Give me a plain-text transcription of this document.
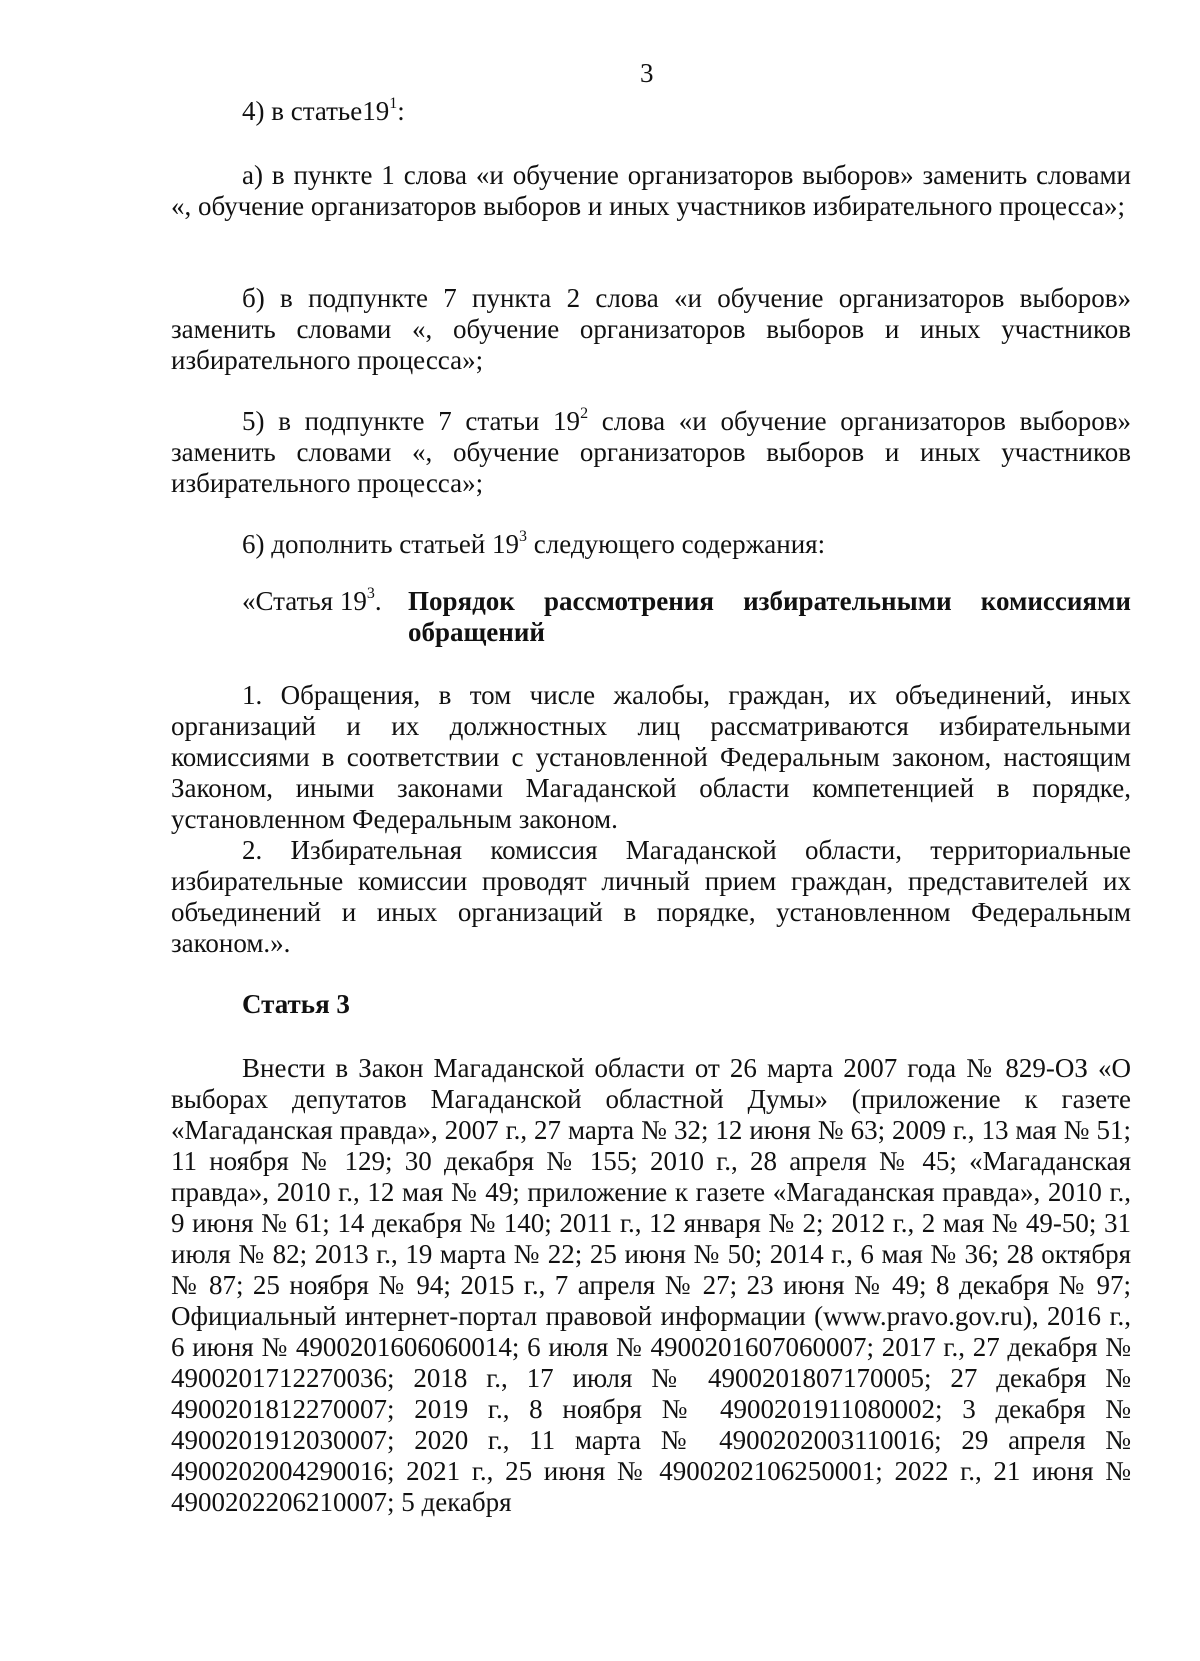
3

4) в $статье19^1$:

а) в пункте 1 слова «и обучение организаторов выборов» заменить словами «, обучение организаторов выборов и иных участников избирательного процесса»;

б) в подпункте 7 пункта 2 слова «и обучение организаторов выборов» заменить словами «, обучение организаторов выборов и иных участников избирательного процесса»;

5) в подпункте 7 статьи $19^2$ слова «и обучение организаторов выборов» заменить словами «, обучение организаторов выборов и иных участников избирательного процесса»;

6) дополнить статьей $19^3$ следующего содержания:

«Статья $19^3$. Порядок рассмотрения избирательными комиссиями
обращений

1. Обращения, в том числе жалобы, граждан, их объединений, иных организаций и их должностных лиц рассматриваются избирательными комиссиями в соответствии с установленной Федеральным законом, настоящим Законом, иными законами Магаданской области компетенцией в порядке, установленном Федеральным законом.

2. Избирательная комиссия Магаданской области, территориальные избирательные комиссии проводят личный прием граждан, представителей их объединений и иных организаций в порядке, установленном Федеральным законом.».

Статья 3

Внести в Закон Магаданской области от 26 марта 2007 года № 829-ОЗ «О выборах депутатов Магаданской областной Думы» (приложение к газете «Магаданская правда», 2007 г., 27 марта № 32; 12 июня № 63; 2009 г., 13 мая № 51; 11 ноября № 129; 30 декабря № 155; 2010 г., 28 апреля № 45; «Магаданская правда», 2010 г., 12 мая № 49; приложение к газете «Магаданская правда», 2010 г., 9 июня № 61; 14 декабря № 140; 2011 г., 12 января № 2; 2012 г., 2 мая № 49-50; 31 июля № 82; 2013 г., 19 марта № 22; 25 июня № 50; 2014 г., 6 мая № 36; 28 октября № 87; 25 ноября № 94; 2015 г., 7 апреля № 27; 23 июня № 49; 8 декабря № 97; Официальный интернет-портал правовой информации (www.pravo.gov.ru), 2016 г., 6 июня № 4900201606060014; 6 июля № 4900201607060007; 2017 г., 27 декабря № 4900201712270036; 2018 г., 17 июля № 4900201807170005; 27 декабря № 4900201812270007; 2019 г., 8 ноября № 4900201911080002; 3 декабря № 4900201912030007; 2020 г., 11 марта № 4900202003110016; 29 апреля № 4900202004290016; 2021 г., 25 июня № 4900202106250001; 2022 г., 21 июня № 4900202206210007; 5 декабря
